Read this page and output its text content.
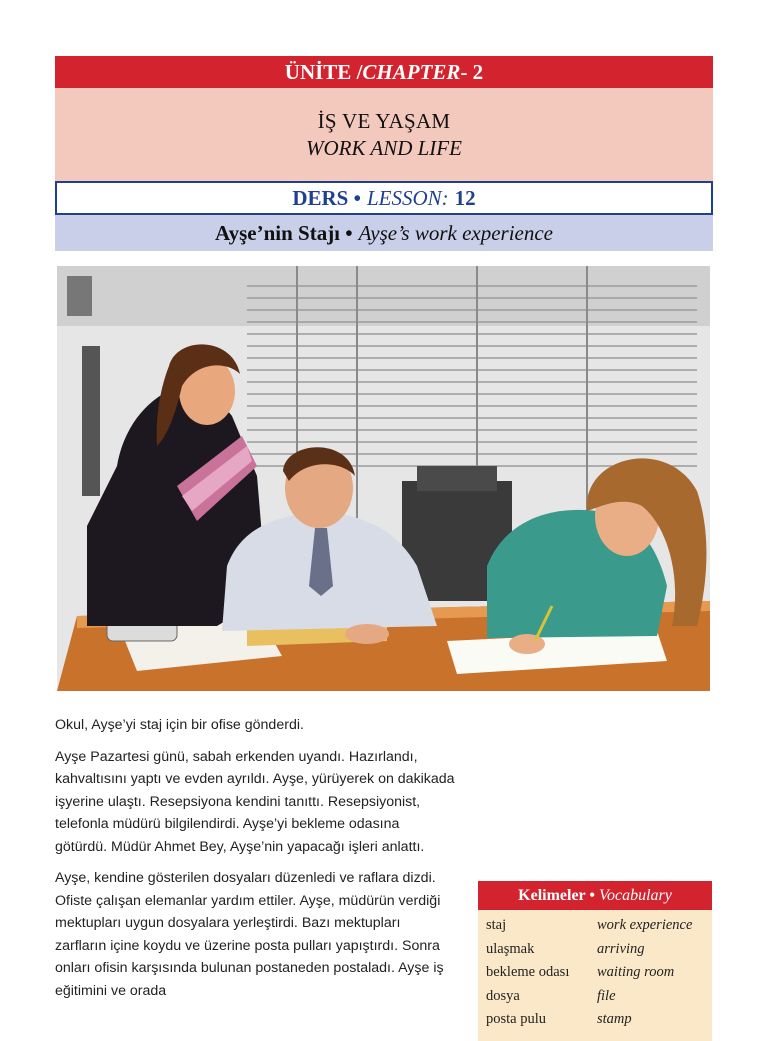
ÜNİTE / CHAPTER - 2
İŞ VE YAŞAM
WORK AND LIFE
DERS • LESSON: 12
Ayşe’nin Stajı • Ayşe’s work experience

Okul, Ayşe’yi staj için bir ofise gönderdi.

Ayşe Pazartesi günü, sabah erkenden uyandı. Hazırlandı, kahvaltısını yaptı ve evden ayrıldı. Ayşe, yürüyerek on dakikada işyerine ulaştı. Resepsiyona kendini tanıttı. Resepsiyonist, telefonla müdürü bilgilendirdi. Ayşe’yi bekleme odasına götürdü. Müdür Ahmet Bey, Ayşe’nin yapacağı işleri anlattı.

Ayşe, kendine gösterilen dosyaları düzenledi ve raflara dizdi. Ofiste çalışan elemanlar yardım ettiler. Ayşe, müdürün verdiği mektupları uygun dosyalara yerleştirdi. Bazı mektupları zarfların içine koydu ve üzerine posta pulları yapıştırdı. Sonra onları ofisin karşısında bulunan postaneden postaladı. Ayşe iş eğitimini ve orada

Kelimeler • Vocabulary
staj	work experience
ulaşmak	arriving
bekleme odası	waiting room
dosya	file
posta pulu	stamp
